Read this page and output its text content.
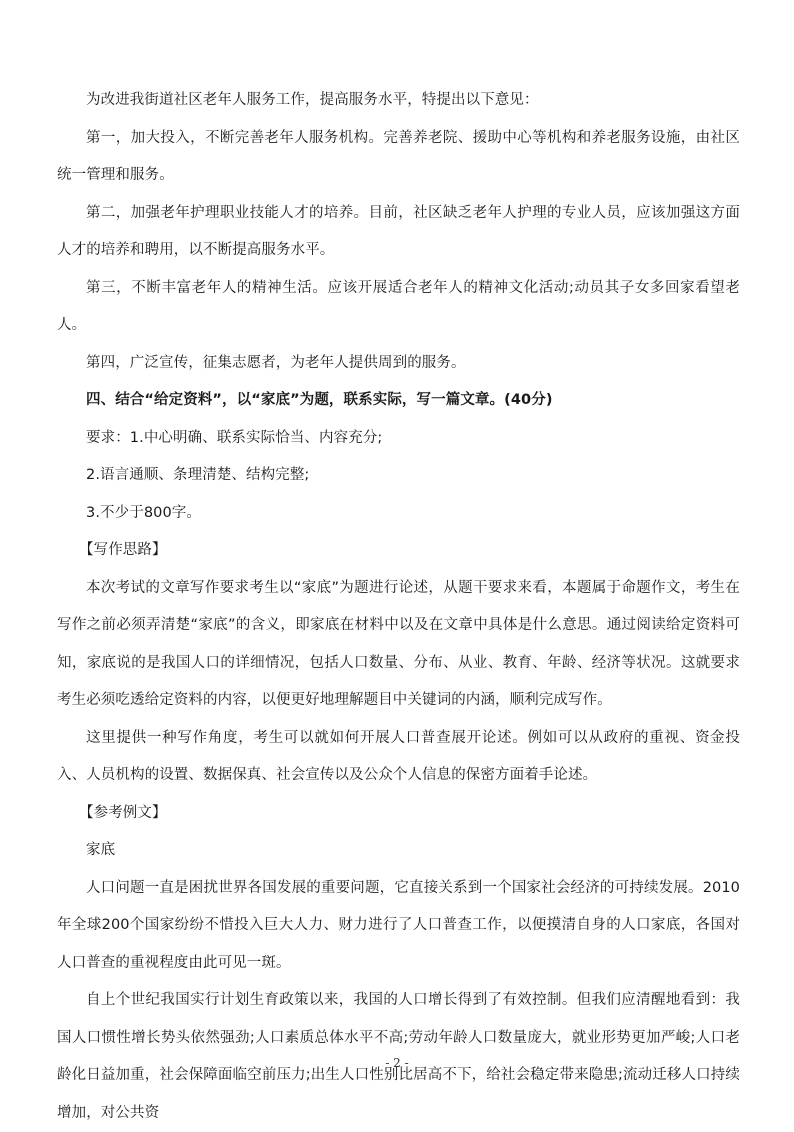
为改进我街道社区老年人服务工作，提高服务水平，特提出以下意见：

第一，加大投入，不断完善老年人服务机构。完善养老院、援助中心等机构和养老服务设施，由社区统一管理和服务。

第二，加强老年护理职业技能人才的培养。目前，社区缺乏老年人护理的专业人员，应该加强这方面人才的培养和聘用，以不断提高服务水平。

第三，不断丰富老年人的精神生活。应该开展适合老年人的精神文化活动;动员其子女多回家看望老人。

第四，广泛宣传，征集志愿者，为老年人提供周到的服务。

四、结合“给定资料”，以“家底”为题，联系实际，写一篇文章。(40分)

要求：1.中心明确、联系实际恰当、内容充分;

2.语言通顺、条理清楚、结构完整;

3.不少于800字。

【写作思路】

本次考试的文章写作要求考生以“家底”为题进行论述，从题干要求来看，本题属于命题作文，考生在写作之前必须弄清楚“家底”的含义，即家底在材料中以及在文章中具体是什么意思。通过阅读给定资料可知，家底说的是我国人口的详细情况，包括人口数量、分布、从业、教育、年龄、经济等状况。这就要求考生必须吃透给定资料的内容，以便更好地理解题目中关键词的内涵，顺利完成写作。

这里提供一种写作角度，考生可以就如何开展人口普查展开论述。例如可以从政府的重视、资金投入、人员机构的设置、数据保真、社会宣传以及公众个人信息的保密方面着手论述。

【参考例文】

家底

人口问题一直是困扰世界各国发展的重要问题，它直接关系到一个国家社会经济的可持续发展。2010年全球200个国家纷纷不惜投入巨大人力、财力进行了人口普查工作，以便摸清自身的人口家底，各国对人口普查的重视程度由此可见一斑。

自上个世纪我国实行计划生育政策以来，我国的人口增长得到了有效控制。但我们应清醒地看到：我国人口惯性增长势头依然强劲;人口素质总体水平不高;劳动年龄人口数量庞大，就业形势更加严峻;人口老龄化日益加重，社会保障面临空前压力;出生人口性别比居高不下，给社会稳定带来隐患;流动迁移人口持续增加，对公共资

- 2 -
